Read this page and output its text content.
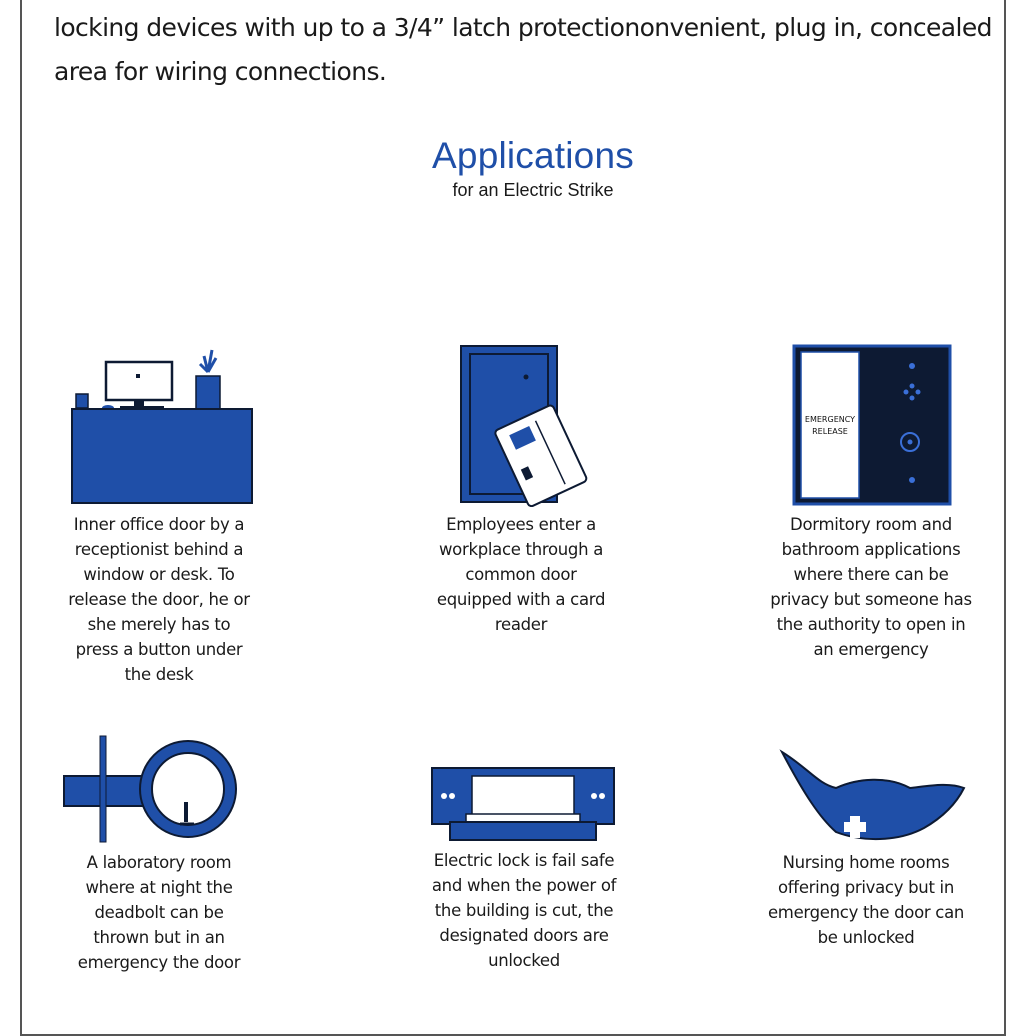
locking devices with up to a 3/4” latch protectiononvenient, plug in, concealed area for wiring connections.
Applications
for an Electric Strike
Inner office door by a receptionist behind a window or desk. To release the door, he or she merely has to press a button under the desk
Employees enter a workplace through a common door equipped with a card reader
EMERGENCY
RELEASE
Dormitory room and bathroom applications where there can be privacy but someone has the authority to open in an emergency
A laboratory room where at night the deadbolt can be thrown but in an emergency the door
Electric lock is fail safe and when the power of the building is cut, the designated doors are unlocked
Nursing home rooms offering privacy but in emergency the door can be unlocked
